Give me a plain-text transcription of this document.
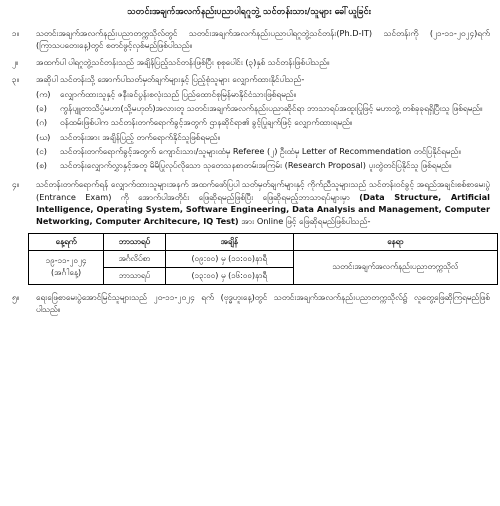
သတင်းအချက်အလက်နည်းပညာပါရဂူဘွဲ့ သင်တန်းသား/သူများ ခေါ်ယူခြင်း
၁။	သတင်းအချက်အလက်နည်းပညာတက္ကသိုလ်တွင် သတင်းအချက်အလက်နည်းပညာပါရဂူဘွဲ့သင်တန်း(Ph.D-IT) သင်တန်းကို (၂၁-၁၁-၂၀၂၄)ရက် (ကြာသပတေးနေ့)တွင် စတင်ဖွင့်လှစ်မည်ဖြစ်ပါသည်။
၂။	အထက်ပါ ပါရဂူဘွဲ့သင်တန်းသည် အချိန်ပြည့်သင်တန်းဖြစ်ပြီး စုစုပေါင်း (၃)နှစ် သင်တန်းဖြစ်ပါသည်။
၃။	အဆိုပါ သင်တန်းသို့ အောက်ပါသတ်မှတ်ချက်များနှင့် ပြည့်စုံသူများ လျှောက်ထားနိုင်ပါသည်-
(က)	လျှောက်ထားသူနှင့် ဇနီးခင်ပွန်းစလုံးသည် ပြည်ထောင်စုမြန်မာနိုင်ငံသားဖြစ်ရမည်။
(ခ)	ကွန်ပျူတာသိပ္ပံမဟာ(သို့မဟုတ်)အလားတူ သတင်းအချက်အလက်နည်းပညာဆိုင်ရာ ဘာသာရပ်အထူးပြုဖြင့် မဟာဘွဲ့ တစ်ခုခုရရှိပြီးသူ ဖြစ်ရမည်။
(ဂ)	ဝန်ထမ်းဖြစ်ပါက သင်တန်းတက်ရောက်ခွင့်အတွက် ဌာနဆိုင်ရာ၏ ခွင့်ပြုချက်ဖြင့် လျှောက်ထားရမည်။
(ဃ)	သင်တန်းအား အချိန်ပြည့် တက်ရောက်နိုင်သူဖြစ်ရမည်။
(င)	သင်တန်းတက်ရောက်ခွင့်အတွက် ကျောင်းသား/သူများထံမှ Referee (၂) ဦးထံမှ Letter of Recommendation တင်ပြနိုင်ရမည်။
(စ)	သင်တန်းလျှောက်လွှာနှင့်အတူ မိမိပြုလုပ်လိုသော သုတေသနစာတမ်းအကြမ်း (Research Proposal) ပူးတွဲတင်ပြနိုင်သူ ဖြစ်ရမည်။
၄။	သင်တန်းတက်ရောက်ရန် လျှောက်ထားသူများအနက် အထက်ဖော်ပြပါ သတ်မှတ်ချက်များနှင့် ကိုက်ညီသူများသည် သင်တန်းဝင်ခွင့် အရည်အချင်းစစ်စာမေးပွဲ (Entrance Exam) ကို အောက်ပါအတိုင်း ဖြေဆိုရမည်ဖြစ်ပြီး ဖြေဆိုရမည့်ဘာသာရပ်များမှာ (Data Structure, Artificial Intelligence, Operating System, Software Engineering, Data Analysis and Management, Computer Networking, Computer Architecure, IQ Test) အား Online ဖြင့် ဖြေဆိုရမည်ဖြစ်ပါသည်-
နေ့ရက်	ဘာသာရပ်	အချိန်	နေရာ

၁၉-၁၁-၂၀၂၄
(အင်္ဂါနေ့)	အင်္ဂလိပ်စာ	(၀၉:၀၀) မှ (၁၁:၀၀)နာရီ	သတင်းအချက်အလက်နည်းပညာတက္ကသိုလ်
	ဘာသာရပ်	(၁၃:၀၀) မှ (၁၆:၀၀)နာရီ	
၅။	ရေးဖြေစာမေးပွဲအောင်မြင်သူများသည် ၂၀-၁၁-၂၀၂၄ ရက် (ဗုဒ္ဓဟူးနေ့)တွင် သတင်းအချက်အလက်နည်းပညာတက္ကသိုလ်၌ လူတွေ့ဖြေဆိုကြရမည်ဖြစ်ပါသည်။
